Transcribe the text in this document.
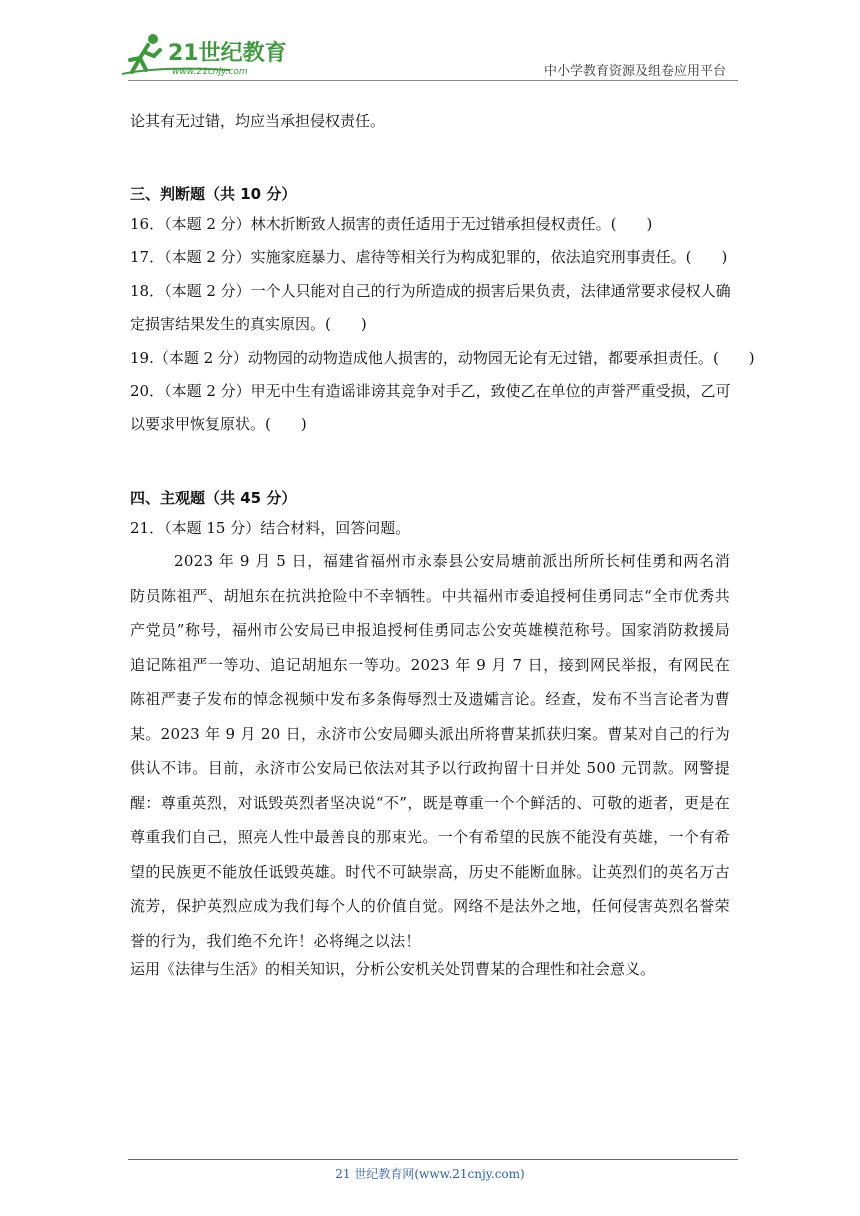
21世纪教育
www.21cnjy.com	中小学教育资源及组卷应用平台
论其有无过错，均应当承担侵权责任。
三、判断题（共 10 分）
16．（本题 2 分）林木折断致人损害的责任适用于无过错承担侵权责任。(　　)
17．（本题 2 分）实施家庭暴力、虐待等相关行为构成犯罪的，依法追究刑事责任。(　　)
18．（本题 2 分）一个人只能对自己的行为所造成的损害后果负责，法律通常要求侵权人确
定损害结果发生的真实原因。(　　)
19.（本题 2 分）动物园的动物造成他人损害的，动物园无论有无过错，都要承担责任。(　　)
20．（本题 2 分）甲无中生有造谣诽谤其竞争对手乙，致使乙在单位的声誉严重受损，乙可
以要求甲恢复原状。(　　)
四、主观题（共 45 分）
21．（本题 15 分）结合材料，回答问题。
2023 年 9 月 5 日，福建省福州市永泰县公安局塘前派出所所长柯佳勇和两名消防员陈祖严、胡旭东在抗洪抢险中不幸牺牲。中共福州市委追授柯佳勇同志“全市优秀共产党员”称号，福州市公安局已申报追授柯佳勇同志公安英雄模范称号。国家消防救援局追记陈祖严一等功、追记胡旭东一等功。2023 年 9 月 7 日，接到网民举报，有网民在陈祖严妻子发布的悼念视频中发布多条侮辱烈士及遗孀言论。经查，发布不当言论者为曹某。2023 年 9 月 20 日，永济市公安局卿头派出所将曹某抓获归案。曹某对自己的行为供认不讳。目前，永济市公安局已依法对其予以行政拘留十日并处 500 元罚款。网警提醒：尊重英烈，对诋毁英烈者坚决说“不”，既是尊重一个个鲜活的、可敬的逝者，更是在尊重我们自己，照亮人性中最善良的那束光。一个有希望的民族不能没有英雄，一个有希望的民族更不能放任诋毁英雄。时代不可缺崇高，历史不能断血脉。让英烈们的英名万古流芳，保护英烈应成为我们每个人的价值自觉。网络不是法外之地，任何侵害英烈名誉荣誉的行为，我们绝不允许！必将绳之以法！
运用《法律与生活》的相关知识，分析公安机关处罚曹某的合理性和社会意义。
21 世纪教育网(www.21cnjy.com)
